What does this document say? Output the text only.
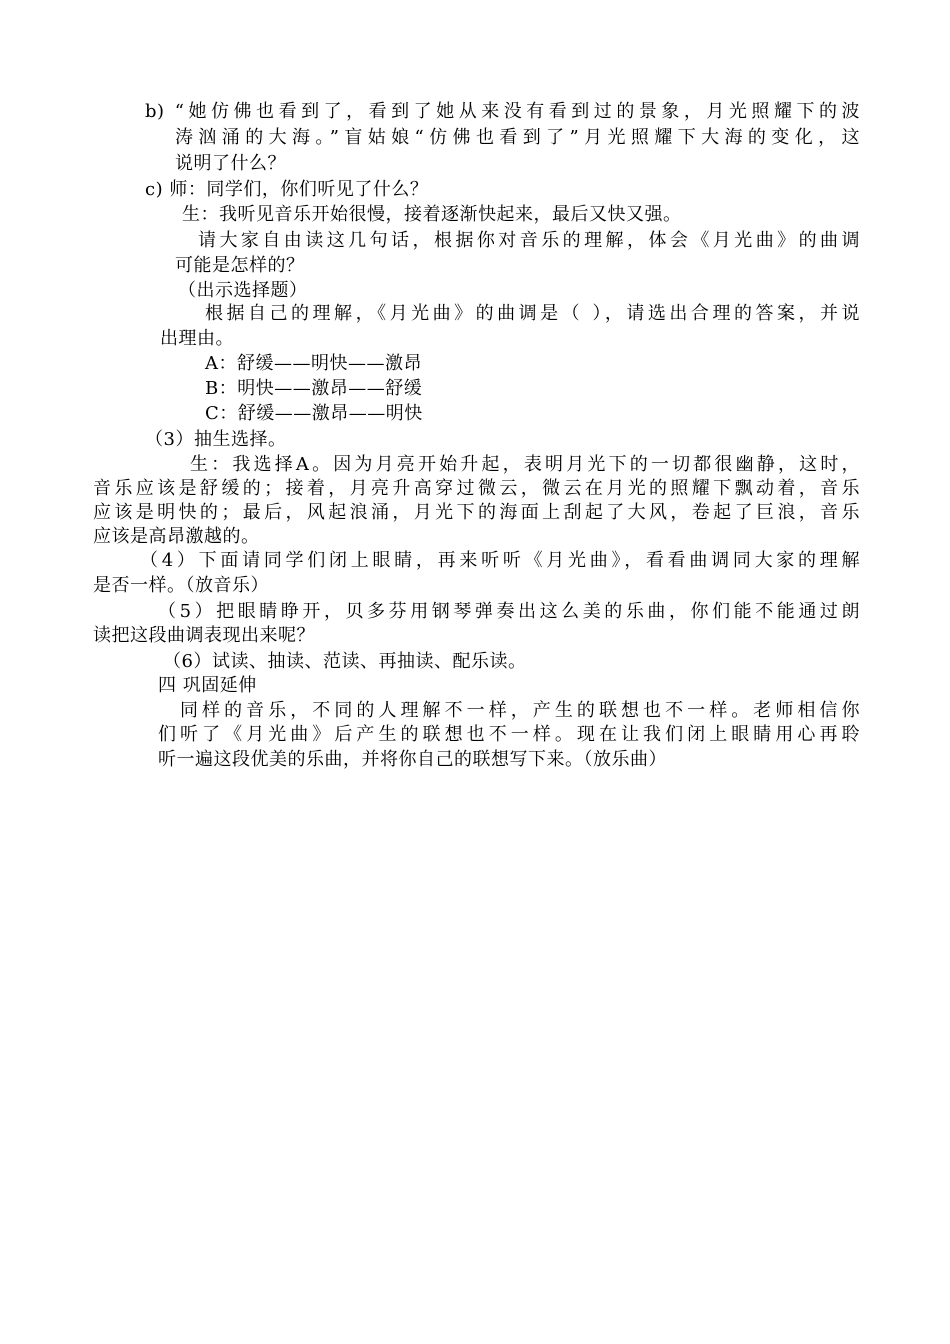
b) “她仿佛也看到了，看到了她从来没有看到过的景象，月光照耀下的波
涛汹涌的大海。”盲姑娘“仿佛也看到了”月光照耀下大海的变化，这
说明了什么？
c) 师：同学们，你们听见了什么？
生：我听见音乐开始很慢，接着逐渐快起来，最后又快又强。
请大家自由读这几句话，根据你对音乐的理解，体会《月光曲》的曲调
可能是怎样的？
（出示选择题）
根据自己的理解，《月光曲》的曲调是（ ），请选出合理的答案，并说
出理由。
A：舒缓——明快——激昂
B：明快——激昂——舒缓
C：舒缓——激昂——明快
（3）抽生选择。
生：我选择A。因为月亮开始升起，表明月光下的一切都很幽静，这时，
音乐应该是舒缓的；接着，月亮升高穿过微云，微云在月光的照耀下飘动着，音乐
应该是明快的；最后，风起浪涌，月光下的海面上刮起了大风，卷起了巨浪，音乐
应该是高昂激越的。
（4）下面请同学们闭上眼睛，再来听听《月光曲》，看看曲调同大家的理解
是否一样。（放音乐）
（5）把眼睛睁开，贝多芬用钢琴弹奏出这么美的乐曲，你们能不能通过朗
读把这段曲调表现出来呢？
（6）试读、抽读、范读、再抽读、配乐读。
四 巩固延伸
同样的音乐，不同的人理解不一样，产生的联想也不一样。老师相信你
们听了《月光曲》后产生的联想也不一样。现在让我们闭上眼睛用心再聆
听一遍这段优美的乐曲，并将你自己的联想写下来。（放乐曲）
